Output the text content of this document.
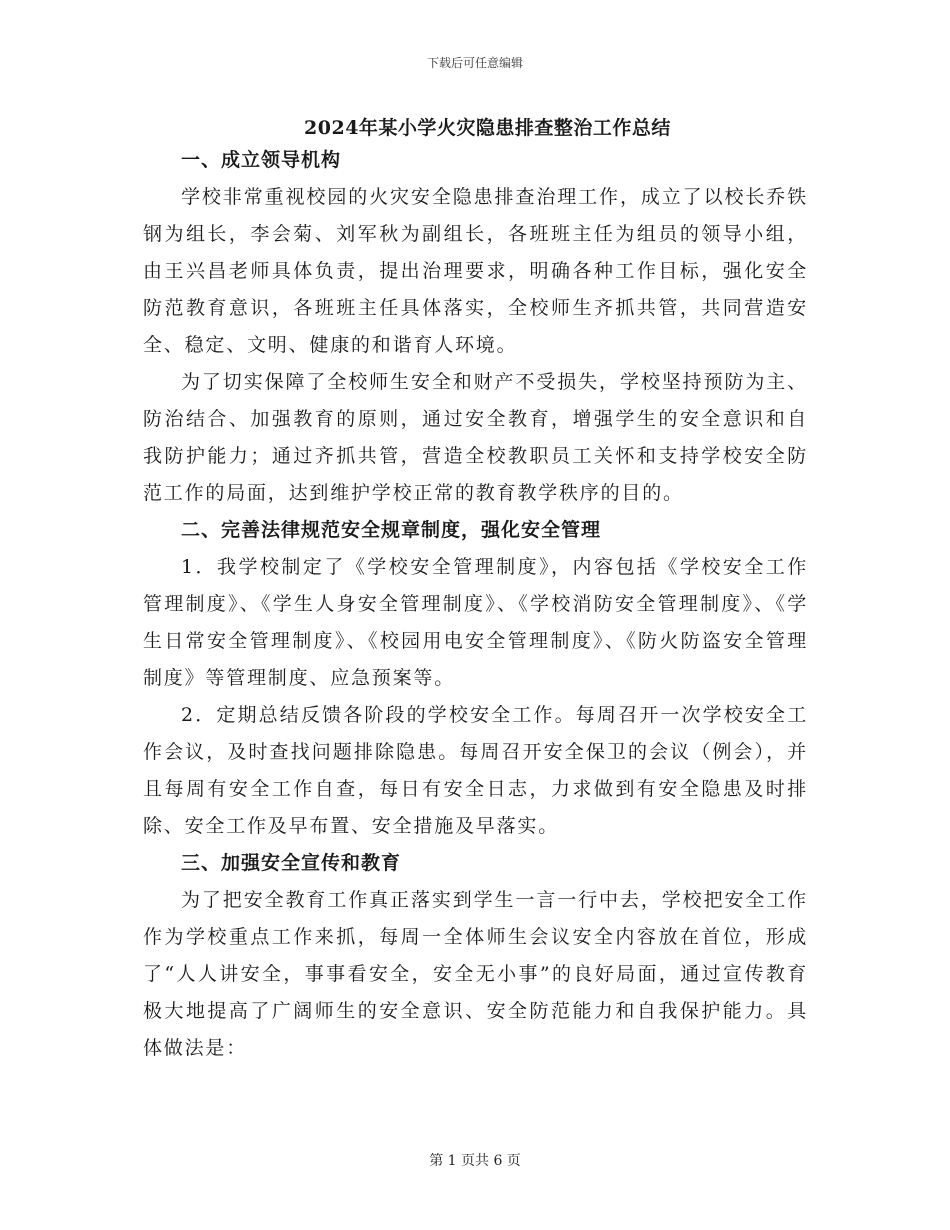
下载后可任意编辑
2024年某小学火灾隐患排查整治工作总结
一、成立领导机构

学校非常重视校园的火灾安全隐患排查治理工作，成立了以校长乔铁钢为组长，李会菊、刘军秋为副组长，各班班主任为组员的领导小组，由王兴昌老师具体负责，提出治理要求，明确各种工作目标，强化安全防范教育意识，各班班主任具体落实，全校师生齐抓共管，共同营造安全、稳定、文明、健康的和谐育人环境。

为了切实保障了全校师生安全和财产不受损失，学校坚持预防为主、防治结合、加强教育的原则，通过安全教育，增强学生的安全意识和自我防护能力；通过齐抓共管，营造全校教职员工关怀和支持学校安全防范工作的局面，达到维护学校正常的教育教学秩序的目的。

二、完善法律规范安全规章制度，强化安全管理

1．我学校制定了《学校安全管理制度》，内容包括《学校安全工作管理制度》、《学生人身安全管理制度》、《学校消防安全管理制度》、《学生日常安全管理制度》、《校园用电安全管理制度》、《防火防盗安全管理制度》等管理制度、应急预案等。

2．定期总结反馈各阶段的学校安全工作。每周召开一次学校安全工作会议，及时查找问题排除隐患。每周召开安全保卫的会议（例会），并且每周有安全工作自查，每日有安全日志，力求做到有安全隐患及时排除、安全工作及早布置、安全措施及早落实。

三、加强安全宣传和教育

为了把安全教育工作真正落实到学生一言一行中去，学校把安全工作作为学校重点工作来抓，每周一全体师生会议安全内容放在首位，形成了“人人讲安全，事事看安全，安全无小事”的良好局面，通过宣传教育极大地提高了广阔师生的安全意识、安全防范能力和自我保护能力。具体做法是：

第 1 页共 6 页
